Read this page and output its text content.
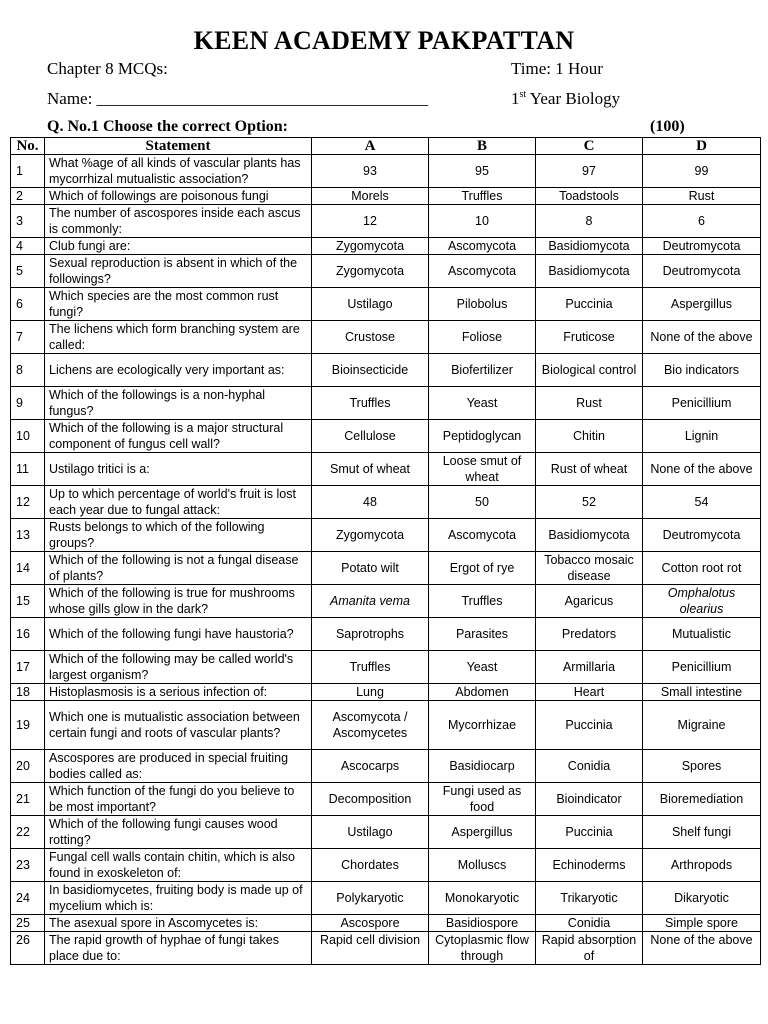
KEEN ACADEMY PAKPATTAN
Chapter 8 MCQs:	Time: 1 Hour
Name: _______________________________________	1st Year Biology
Q. No.1 Choose the correct Option:	(100)
No.	Statement	A	B	C	D
1	What %age of all kinds of vascular plants has mycorrhizal mutualistic association?	93	95	97	99
2	Which of followings are poisonous fungi	Morels	Truffles	Toadstools	Rust
3	The number of ascospores inside each ascus is commonly:	12	10	8	6
4	Club fungi are:	Zygomycota	Ascomycota	Basidiomycota	Deutromycota
5	Sexual reproduction is absent in which of the followings?	Zygomycota	Ascomycota	Basidiomycota	Deutromycota
6	Which species are the most common rust fungi?	Ustilago	Pilobolus	Puccinia	Aspergillus
7	The lichens which form branching system are called:	Crustose	Foliose	Fruticose	None of the above
8	Lichens are ecologically very important as:	Bioinsecticide	Biofertilizer	Biological control	Bio indicators
9	Which of the followings is a non-hyphal fungus?	Truffles	Yeast	Rust	Penicillium
10	Which of the following is a major structural component of fungus cell wall?	Cellulose	Peptidoglycan	Chitin	Lignin
11	Ustilago tritici is a:	Smut of wheat	Loose smut of wheat	Rust of wheat	None of the above
12	Up to which percentage of world's fruit is lost each year due to fungal attack:	48	50	52	54
13	Rusts belongs to which of the following groups?	Zygomycota	Ascomycota	Basidiomycota	Deutromycota
14	Which of the following is not a fungal disease of plants?	Potato wilt	Ergot of rye	Tobacco mosaic disease	Cotton root rot
15	Which of the following is true for mushrooms whose gills glow in the dark?	Amanita vema	Truffles	Agaricus	Omphalotus olearius
16	Which of the following fungi have haustoria?	Saprotrophs	Parasites	Predators	Mutualistic
17	Which of the following may be called world's largest organism?	Truffles	Yeast	Armillaria	Penicillium
18	Histoplasmosis is a serious infection of:	Lung	Abdomen	Heart	Small intestine
19	Which one is mutualistic association between certain fungi and roots of vascular plants?	Ascomycota / Ascomycetes	Mycorrhizae	Puccinia	Migraine
20	Ascospores are produced in special fruiting bodies called as:	Ascocarps	Basidiocarp	Conidia	Spores
21	Which function of the fungi do you believe to be most important?	Decomposition	Fungi used as food	Bioindicator	Bioremediation
22	Which of the following fungi causes wood rotting?	Ustilago	Aspergillus	Puccinia	Shelf fungi
23	Fungal cell walls contain chitin, which is also found in exoskeleton of:	Chordates	Molluscs	Echinoderms	Arthropods
24	In basidiomycetes, fruiting body is made up of mycelium which is:	Polykaryotic	Monokaryotic	Trikaryotic	Dikaryotic
25	The asexual spore in Ascomycetes is:	Ascospore	Basidiospore	Conidia	Simple spore
26	The rapid growth of hyphae of fungi takes place due to:	Rapid cell division	Cytoplasmic flow through	Rapid absorption of	None of the above
